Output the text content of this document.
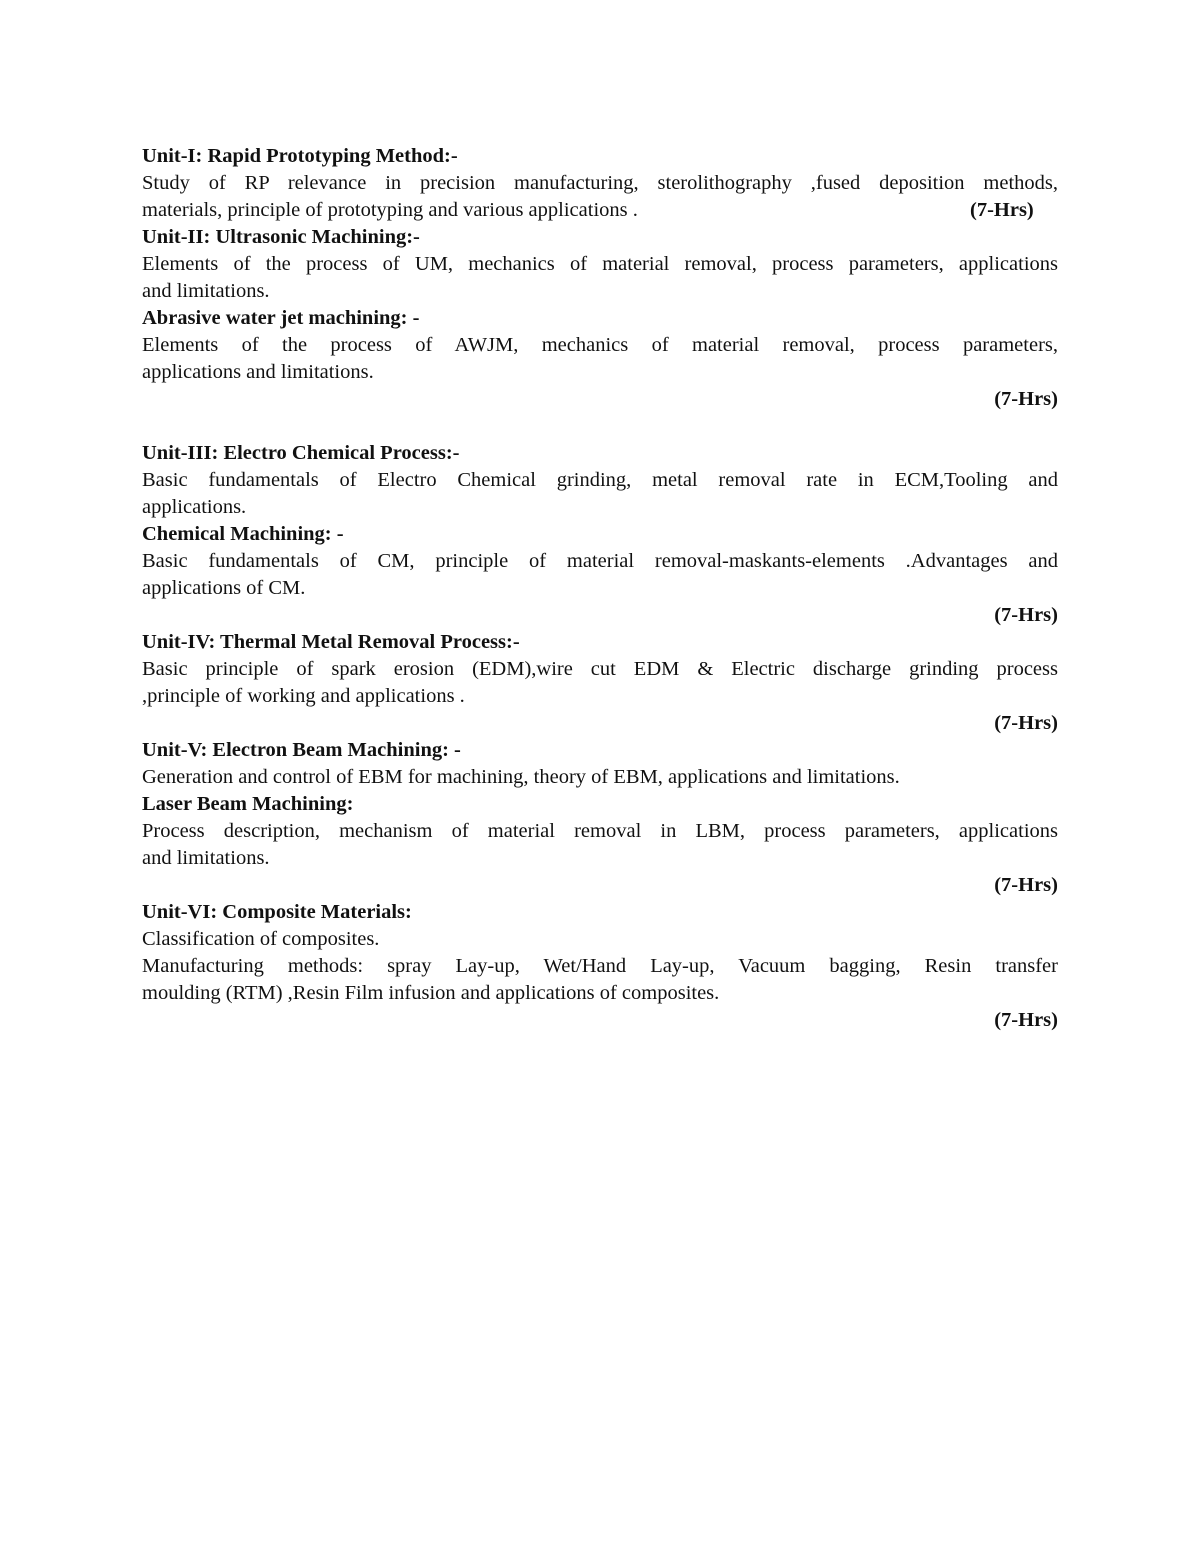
Unit-I: Rapid Prototyping Method:-
Study of RP relevance in precision manufacturing, sterolithography ,fused deposition methods,
materials, principle of prototyping and various applications .	(7-Hrs)
Unit-II: Ultrasonic Machining:-
Elements of the process of UM, mechanics of material removal, process parameters, applications
and limitations.
Abrasive water jet machining: -
Elements of the process of AWJM, mechanics of material removal, process parameters,
applications and limitations.
(7-Hrs)
Unit-III: Electro Chemical Process:-
Basic fundamentals of Electro Chemical grinding, metal removal rate in ECM,Tooling and
applications.
Chemical Machining: -
Basic fundamentals of CM, principle of material removal-maskants-elements .Advantages and
applications of CM.
(7-Hrs)
Unit-IV: Thermal Metal Removal Process:-
Basic principle of spark erosion (EDM),wire cut EDM & Electric discharge grinding process
,principle of working and applications .
(7-Hrs)
Unit-V: Electron Beam Machining: -
Generation and control of EBM for machining, theory of EBM, applications and limitations.
Laser Beam Machining:
Process description, mechanism of material removal in LBM, process parameters, applications
and limitations.
(7-Hrs)
Unit-VI: Composite Materials:
Classification of composites.
Manufacturing methods: spray Lay-up, Wet/Hand Lay-up, Vacuum bagging, Resin transfer
moulding (RTM) ,Resin Film infusion and applications of composites.
(7-Hrs)
